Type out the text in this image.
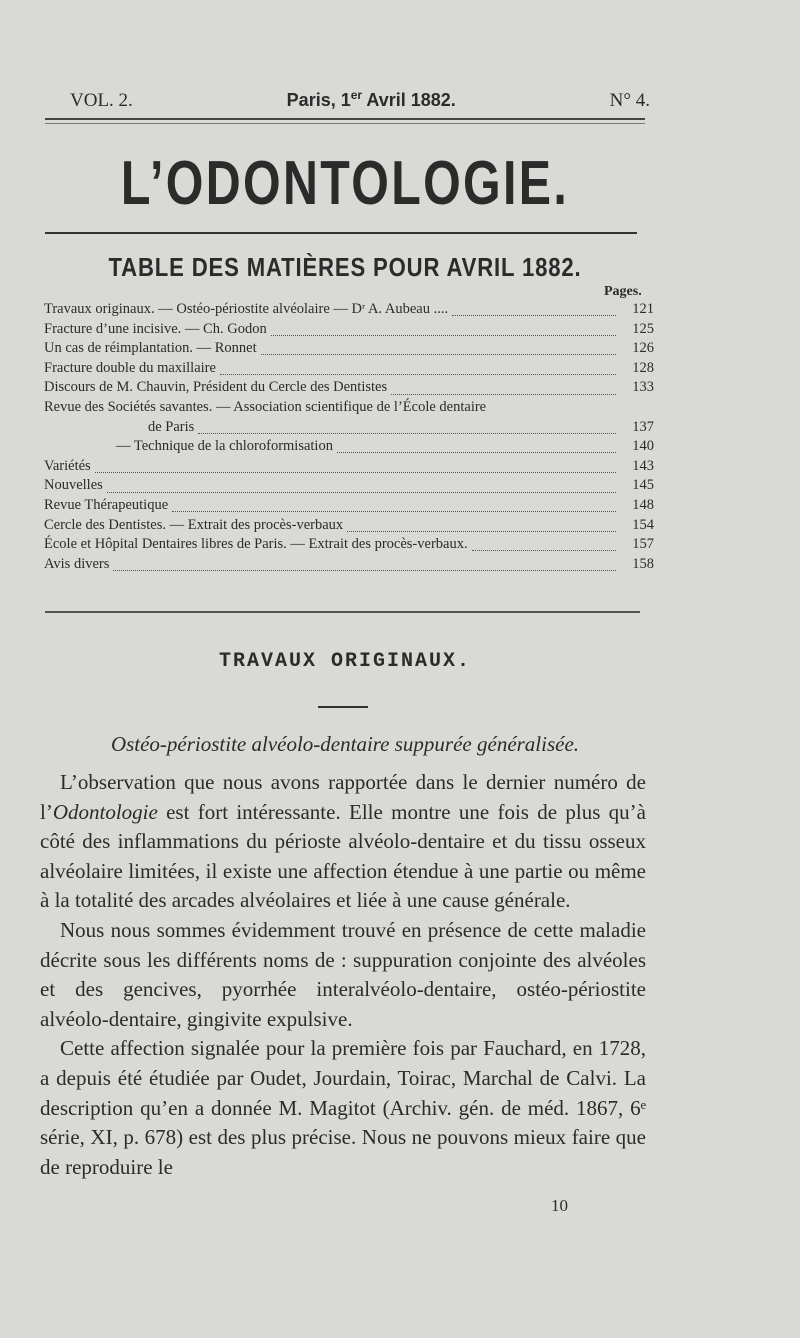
VOL. 2.	Paris, 1er Avril 1882.	N° 4.
L’ODONTOLOGIE.
TABLE DES MATIÈRES POUR AVRIL 1882.
Pages.
Travaux originaux. — Ostéo-périostite alvéolaire — Dʳ A. Aubeau ....	121
Fracture d’une incisive. — Ch. Godon	125
Un cas de réimplantation. — Ronnet	126
Fracture double du maxillaire	128
Discours de M. Chauvin, Président du Cercle des Dentistes	133
Revue des Sociétés savantes. — Association scientifique de l’École dentaire
de Paris	137
— Technique de la chloroformisation	140
Variétés	143
Nouvelles	145
Revue Thérapeutique	148
Cercle des Dentistes. — Extrait des procès-verbaux	154
École et Hôpital Dentaires libres de Paris. — Extrait des procès-verbaux.	157
Avis divers	158
TRAVAUX ORIGINAUX.
Ostéo-périostite alvéolo-dentaire suppurée généralisée.

L’observation que nous avons rapportée dans le dernier numéro de l’Odontologie est fort intéressante. Elle montre une fois de plus qu’à côté des inflammations du périoste alvéolo-dentaire et du tissu osseux alvéolaire limitées, il existe une affection étendue à une partie ou même à la totalité des arcades alvéolaires et liée à une cause générale.

Nous nous sommes évidemment trouvé en présence de cette maladie décrite sous les différents noms de : suppuration conjointe des alvéoles et des gencives, pyorrhée interalvéolo-dentaire, ostéo-périostite alvéolo-dentaire, gingivite expulsive.

Cette affection signalée pour la première fois par Fauchard, en 1728, a depuis été étudiée par Oudet, Jourdain, Toirac, Marchal de Calvi. La description qu’en a donnée M. Magitot (Archiv. gén. de méd. 1867, 6ᵉ série, XI, p. 678) est des plus précise. Nous ne pouvons mieux faire que de reproduire le

10
